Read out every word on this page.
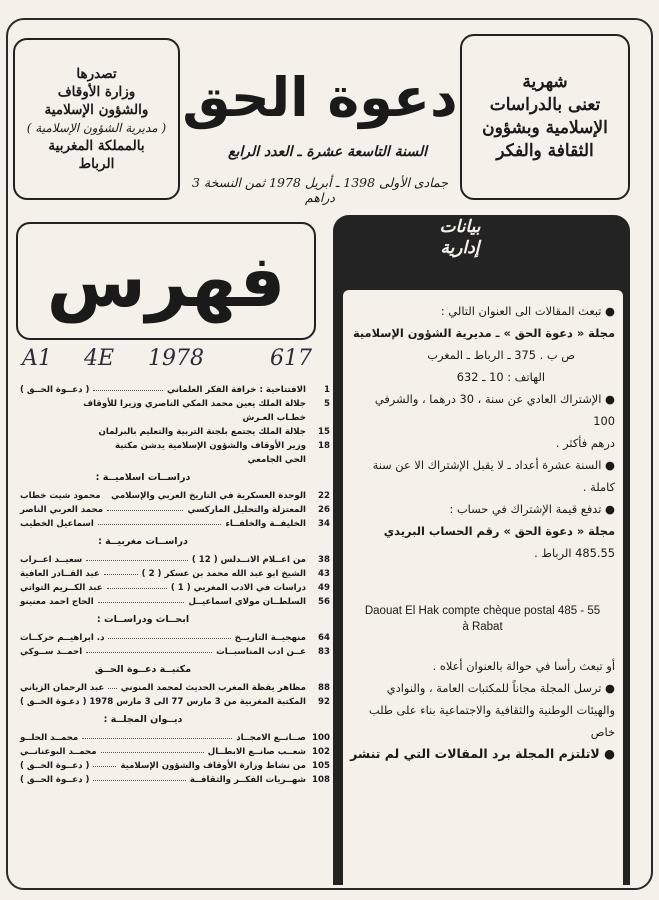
تصدرها
وزارة الأوقاف
والشؤون الإسلامية
( مديرية الشؤون الإسلامية )
بالمملكة المغربية
الرباط
دعوة الحق
السنة التاسعة عشرة ـ العدد الرابع
جمادى الأولى 1398 ـ أبريل 1978 ثمن النسخة 3 دراهم
شهرية
تعنى بالدراسات
الإسلامية وبشؤون
الثقافة والفكر
فهرس
A1 4E 1978	617
1
الافتتاحية : خرافة الفكر العلماني
( دعــوة الحــق )
5
جلالة الملك يعين محمد المكي الناصري وزيرا للأوقاف
خطـاب العـرش
15
جلالة الملك يجتمع بلجنة التربية والتعليم بالبرلمان
18
وزير الأوقاف والشؤون الإسلامية يدشن مكتبة
الحي الجامعي
دراســات اسلاميــة :
22
الوحدة العسكرية في التاريخ العربي والإسلامي
محمود شيت خطاب
26
المعتزلة والتحليل الماركسي
محمد العربي الناصر
34
الخليفــة والخلفــاء
اسماعيل الخطيب
دراســات مغربيــة :
38
من اعــلام الانــدلس ( 12 )
سعيــد اعــراب
43
الشيخ ابو عبد الله محمد بن عسكر ( 2 )
عبد القــادر العافية
49
دراسات في الادب المغربي ( 1 )
عبد الكــريم التواتي
56
السلطــان مولاي اسماعيــل
الحاج احمد معنينو
ابحــاث ودراســات :
64
منهجيــة التاريــخ
د. ابراهيــم حركــات
83
عــن ادب المناسبــات
احمــد ســوكي
مكتبــة دعــوة الحــق
88
مظاهر يقظة المغرب الحديث لمحمد المنوني
عبد الرحمان الزياني
92
المكتبة المغربية من 3 مارس 77 الى 3 مارس 1978
( دعـوة الحــق )
ديــوان المجلــة :
100
صــانــع الامجــاد
محمــد الحلــو
102
شعــب صانــع الابطــال
محمــد البوعنانــي
105
من نشاط وزارة الأوقاف والشؤون الإسلامية
( دعــوة الحــق )
108
شهــريات الفكــر والثقافــة
( دعــوة الحــق )
بيانات
إدارية

● تبعث المقالات الى العنوان التالي :

مجلة « دعوة الحق » ـ مديرية الشؤون الإسلامية

ص ب . 375 ـ الرباط ـ المغرب

الهاتف : 10 ـ 632

● الإشتراك العادي عن سنة ، 30 درهما ، والشرفي 100

درهم فأكثر .

● السنة عشرة أعداد ـ لا يقبل الإشتراك الا عن سنة

كاملة .

● تدفع قيمة الإشتراك في حساب :

مجلة « دعوة الحق » رقم الحساب البريدي

485.55 الرباط .

Daouat El Hak compte chèque postal 485 - 55
à Rabat

أو تبعث رأسا في حوالة بالعنوان أعلاه .

● ترسل المجلة مجاناً للمكتبات العامة ، والنوادي

والهيئات الوطنية والثقافية والاجتماعية بناء على طلب

خاص

● لاتلتزم المجلة برد المقالات التي لم تنشر
